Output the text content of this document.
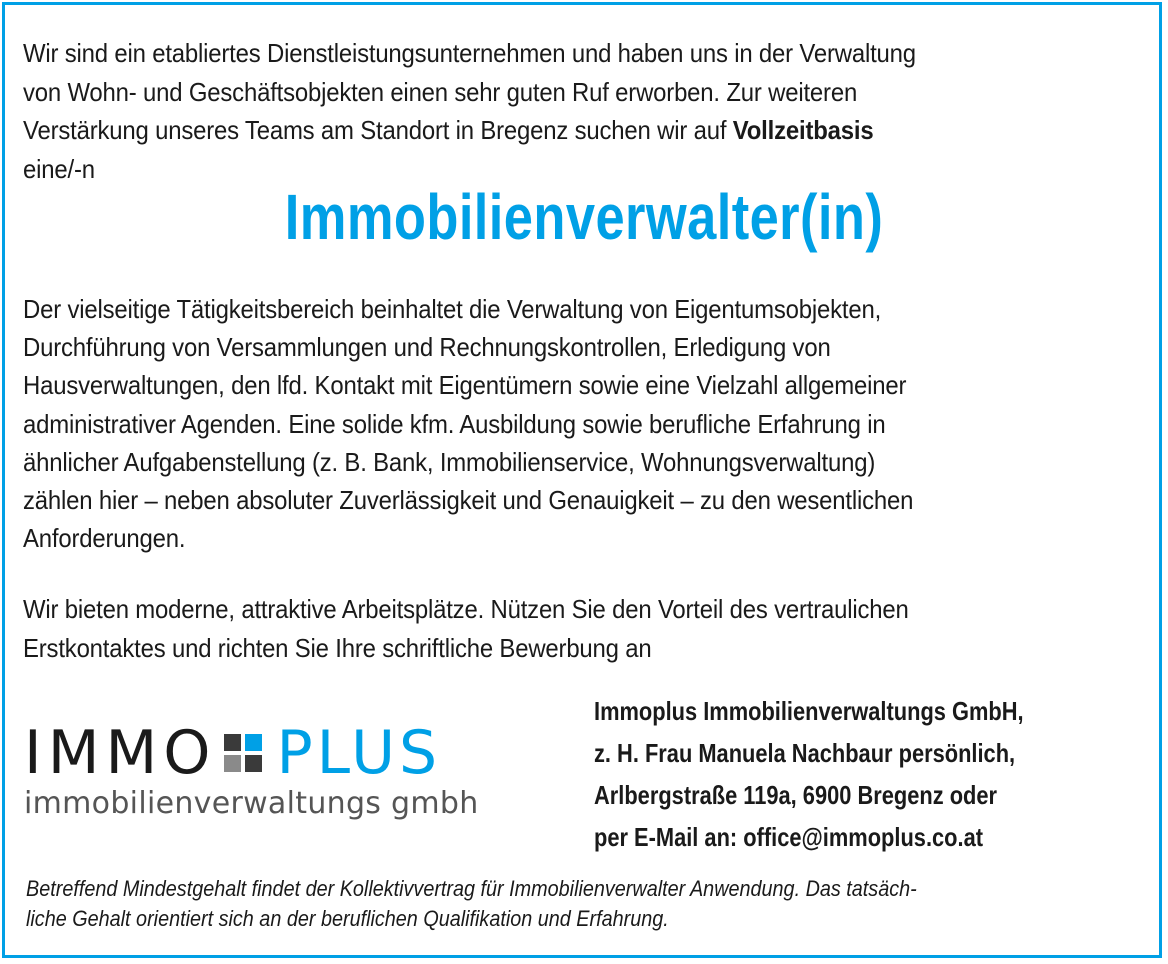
Wir sind ein etabliertes Dienstleistungsunternehmen und haben uns in der Verwaltung
von Wohn- und Geschäftsobjekten einen sehr guten Ruf erworben. Zur weiteren
Verstärkung unseres Teams am Standort in Bregenz suchen wir auf Vollzeitbasis
eine/-n
Immobilienverwalter(in)
Der vielseitige Tätigkeitsbereich beinhaltet die Verwaltung von Eigentumsobjekten,
Durchführung von Versammlungen und Rechnungskontrollen, Erledigung von
Hausverwaltungen, den lfd. Kontakt mit Eigentümern sowie eine Vielzahl allgemeiner
administrativer Agenden. Eine solide kfm. Ausbildung sowie berufliche Erfahrung in
ähnlicher Aufgabenstellung (z. B. Bank, Immobilienservice, Wohnungsverwaltung)
zählen hier – neben absoluter Zuverlässigkeit und Genauigkeit – zu den wesentlichen
Anforderungen.
Wir bieten moderne, attraktive Arbeitsplätze. Nützen Sie den Vorteil des vertraulichen
Erstkontaktes und richten Sie Ihre schriftliche Bewerbung an
IMMO PLUS
immobilienverwaltungs gmbh
Immoplus Immobilienverwaltungs GmbH,
z. H. Frau Manuela Nachbaur persönlich,
Arlbergstraße 119a, 6900 Bregenz oder
per E-Mail an: office@immoplus.co.at
Betreffend Mindestgehalt findet der Kollektivvertrag für Immobilienverwalter Anwendung. Das tatsäch-
liche Gehalt orientiert sich an der beruflichen Qualifikation und Erfahrung.
